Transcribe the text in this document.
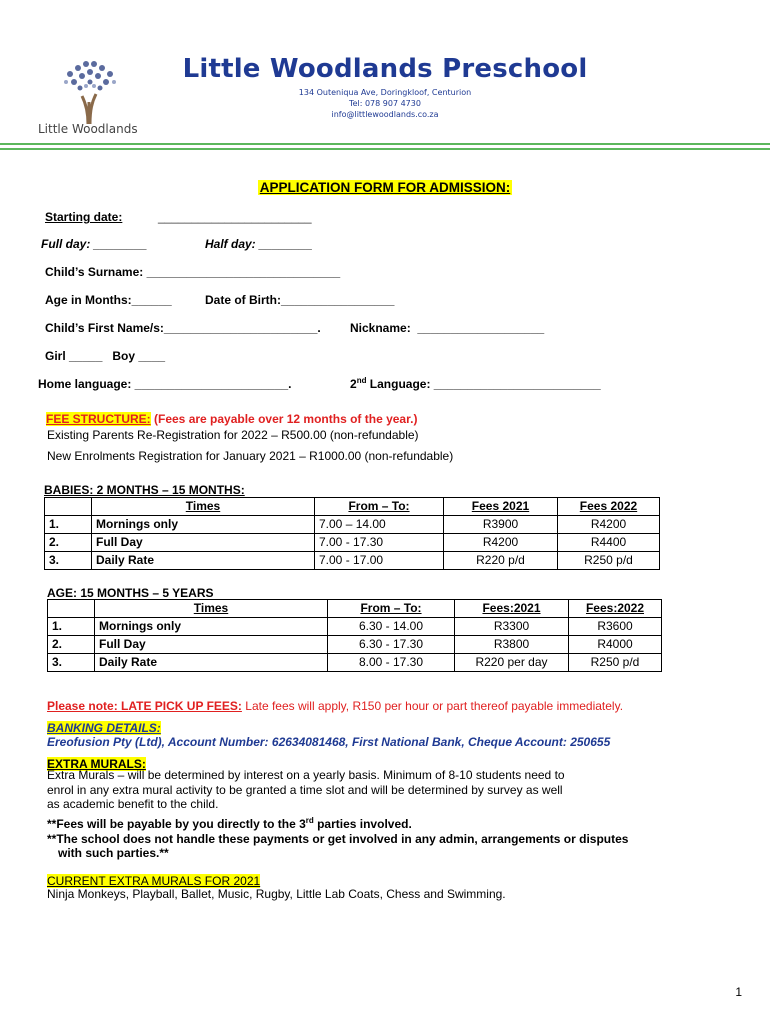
Little Woodlands
Little Woodlands Preschool
134 Outeniqua Ave, Doringkloof, Centurion
Tel: 078 907 4730
info@littlewoodlands.co.za
APPLICATION FORM FOR ADMISSION:
Starting date:	_______________________
Full day: ________	Half day: ________
Child’s Surname: _____________________________
Age in Months:______	Date of Birth:_________________
Child’s First Name/s:_______________________. Nickname:  ___________________
Girl _____   Boy ____
Home language: _______________________.	2nd Language: _________________________
FEE STRUCTURE: (Fees are payable over 12 months of the year.)
Existing Parents Re-Registration for 2022 – R500.00 (non-refundable)
New Enrolments Registration for January 2021 – R1000.00 (non-refundable)
BABIES: 2 MONTHS – 15 MONTHS:
	Times	From – To:	Fees 2021	Fees 2022
1.	Mornings only	7.00 – 14.00	R3900	R4200
2.	Full Day	7.00 - 17.30	R4200	R4400
3.	Daily Rate	7.00 - 17.00	R220 p/d	R250 p/d
AGE: 15 MONTHS – 5 YEARS
	Times	From – To:	Fees:2021	Fees:2022
1.	Mornings only	6.30 - 14.00	R3300	R3600
2.	Full Day	6.30 - 17.30	R3800	R4000
3.	Daily Rate	8.00 - 17.30	R220 per day	R250 p/d
Please note: LATE PICK UP FEES: Late fees will apply, R150 per hour or part thereof payable immediately.
BANKING DETAILS:
Ereofusion Pty (Ltd), Account Number: 62634081468, First National Bank, Cheque Account: 250655
EXTRA MURALS:
Extra Murals – will be determined by interest on a yearly basis. Minimum of 8-10 students need to
enrol in any extra mural activity to be granted a time slot and will be determined by survey as well
as academic benefit to the child.
**Fees will be payable by you directly to the 3rd parties involved.
**The school does not handle these payments or get involved in any admin, arrangements or disputes
with such parties.**
CURRENT EXTRA MURALS FOR 2021
Ninja Monkeys, Playball, Ballet, Music, Rugby, Little Lab Coats, Chess and Swimming.
1
